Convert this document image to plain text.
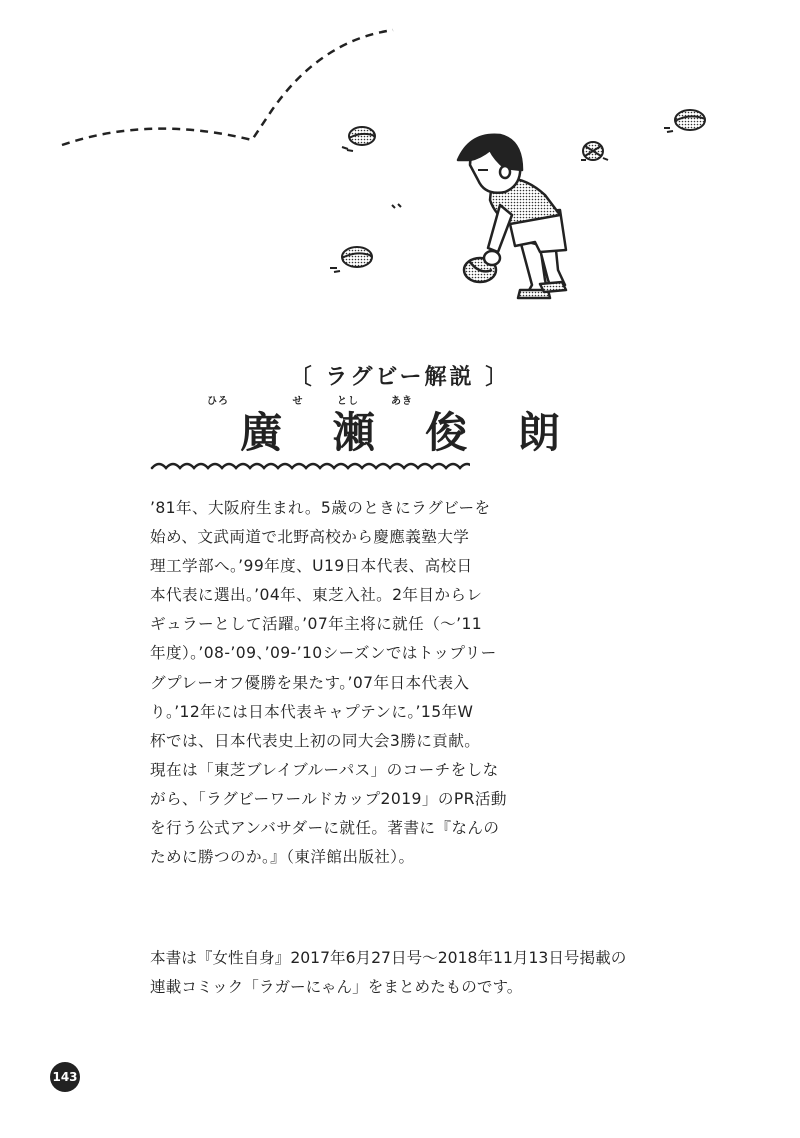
〔 ラグビー解説 〕
ひろ	せ	とし	あき
廣 瀬 俊 朗
’81年、大阪府生まれ。5歳のときにラグビーを
始め、文武両道で北野高校から慶應義塾大学
理工学部へ。’99年度、U19日本代表、高校日
本代表に選出。’04年、東芝入社。2年目からレ
ギュラーとして活躍。’07年主将に就任（～’11
年度）。’08-’09、’09-’10シーズンではトップリー
グプレーオフ優勝を果たす。’07年日本代表入
り。’12年には日本代表キャプテンに。’15年W
杯では、日本代表史上初の同大会3勝に貢献。
現在は「東芝ブレイブルーパス」のコーチをしな
がら、「ラグビーワールドカップ2019」のPR活動
を行う公式アンバサダーに就任。著書に『なんの
ために勝つのか。』（東洋館出版社）。
本書は『女性自身』2017年6月27日号～2018年11月13日号掲載の
連載コミック「ラガーにゃん」をまとめたものです。
143
